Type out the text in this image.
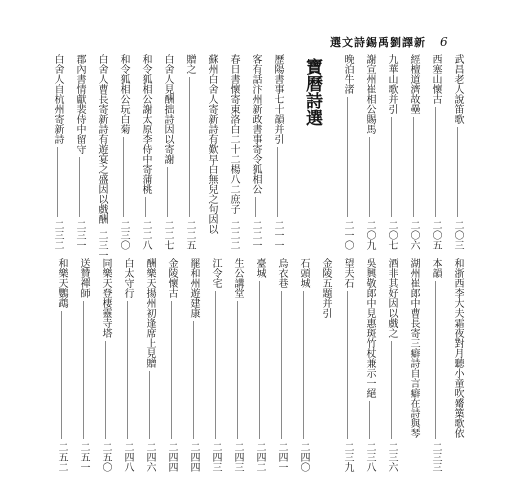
選文詩錫禹劉譯新 6
武昌老人說笛歌
二〇三
西塞山懷古
二〇五
經檀道濟故壘
二〇六
九華山歌并引
二〇七
謝宣州崔相公賜馬
二〇九
晚泊牛渚
二一〇
寶曆詩選
歷陽書事七十韻并引
二一一
客有話汴州新政書事寄令狐相公
二二一
春日書懷寄東洛白二十二楊八二庶子
二二二
蘇州白舍人寄新詩有歎早白無兒之句因以
贈之
二二五
白舍人見酬拙詩因以寄謝
二二七
和令狐相公謝太原李侍中寄蒲桃
二二八
和令狐相公玩白菊
二三〇
白舍人曹長寄新詩有遊宴之盛因以戲酬
二三一
郡內書情獻裴侍中留守
二三一
白舍人自杭州寄新詩
二三二
和浙西李大夫霜夜對月聽小童吹觱篥歌依
本韻
二三三
湖州崔郎中曹長寄三癖詩自言癖在詩與琴
酒非其好因以戲之
二三六
吳興敬郎中見惠斑竹杖兼示一絕
二三八
望夫石
二三九
金陵五題并引
石頭城
二四〇
烏衣巷
二四一
臺城
二四二
生公講堂
二四三
江令宅
二四三
罷和州遊建康
二四四
金陵懷古
二四四
酬樂天揚州初逢席上見贈
二四六
白太守行
二四八
同樂天登棲靈寺塔
二五〇
送贊禪師
二五一
和樂天鸚鵡
二五二
